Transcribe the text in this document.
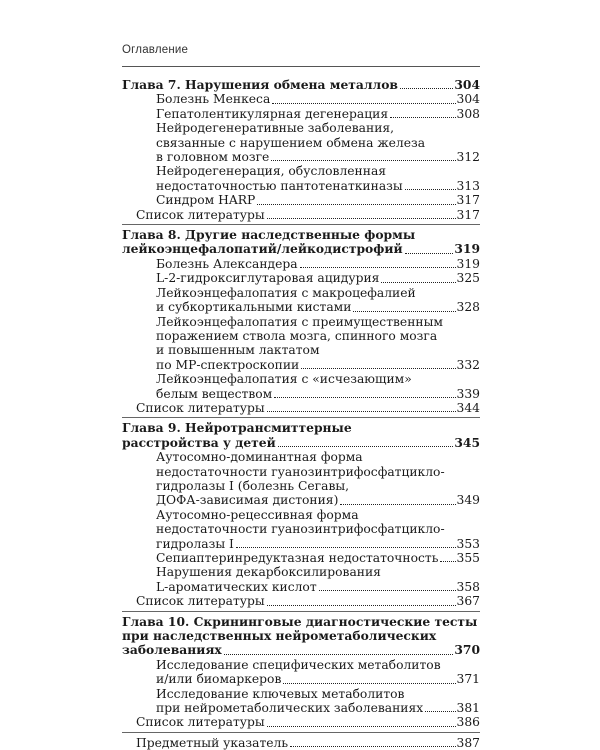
Оглавление
Глава 7. Нарушения обмена металлов	304
Болезнь Менкеса	304
Гепатолентикулярная дегенерация	308
Нейродегенеративные заболевания,
связанные с нарушением обмена железа
в головном мозге	312
Нейродегенерация, обусловленная
недостаточностью пантотенаткиназы	313
Синдром HARP	317
Список литературы	317
Глава 8. Другие наследственные формы
лейкоэнцефалопатий/лейкодистрофий	319
Болезнь Александера	319
L-2-гидроксиглутаровая ацидурия	325
Лейкоэнцефалопатия с макроцефалией
и субкортикальными кистами	328
Лейкоэнцефалопатия с преимущественным
поражением ствола мозга, спинного мозга
и повышенным лактатом
по МР-спектроскопии	332
Лейкоэнцефалопатия с «исчезающим»
белым веществом	339
Список литературы	344
Глава 9. Нейротрансмиттерные
расстройства у детей	345
Аутосомно-доминантная форма
недостаточности гуанозинтрифосфатцикло-
гидролазы I (болезнь Сегавы,
ДОФА-зависимая дистония)	349
Аутосомно-рецессивная форма
недостаточности гуанозинтрифосфатцикло-
гидролазы I	353
Сепиаптеринредуктазная недостаточность 355
Нарушения декарбоксилирования
L-ароматических кислот	358
Список литературы	367
Глава 10. Скрининговые диагностические тесты
при наследственных нейрометаболических
заболеваниях	370
Исследование специфических метаболитов
и/или биомаркеров	371
Исследование ключевых метаболитов
при нейрометаболических заболеваниях	381
Список литературы	386
Предметный указатель	387
